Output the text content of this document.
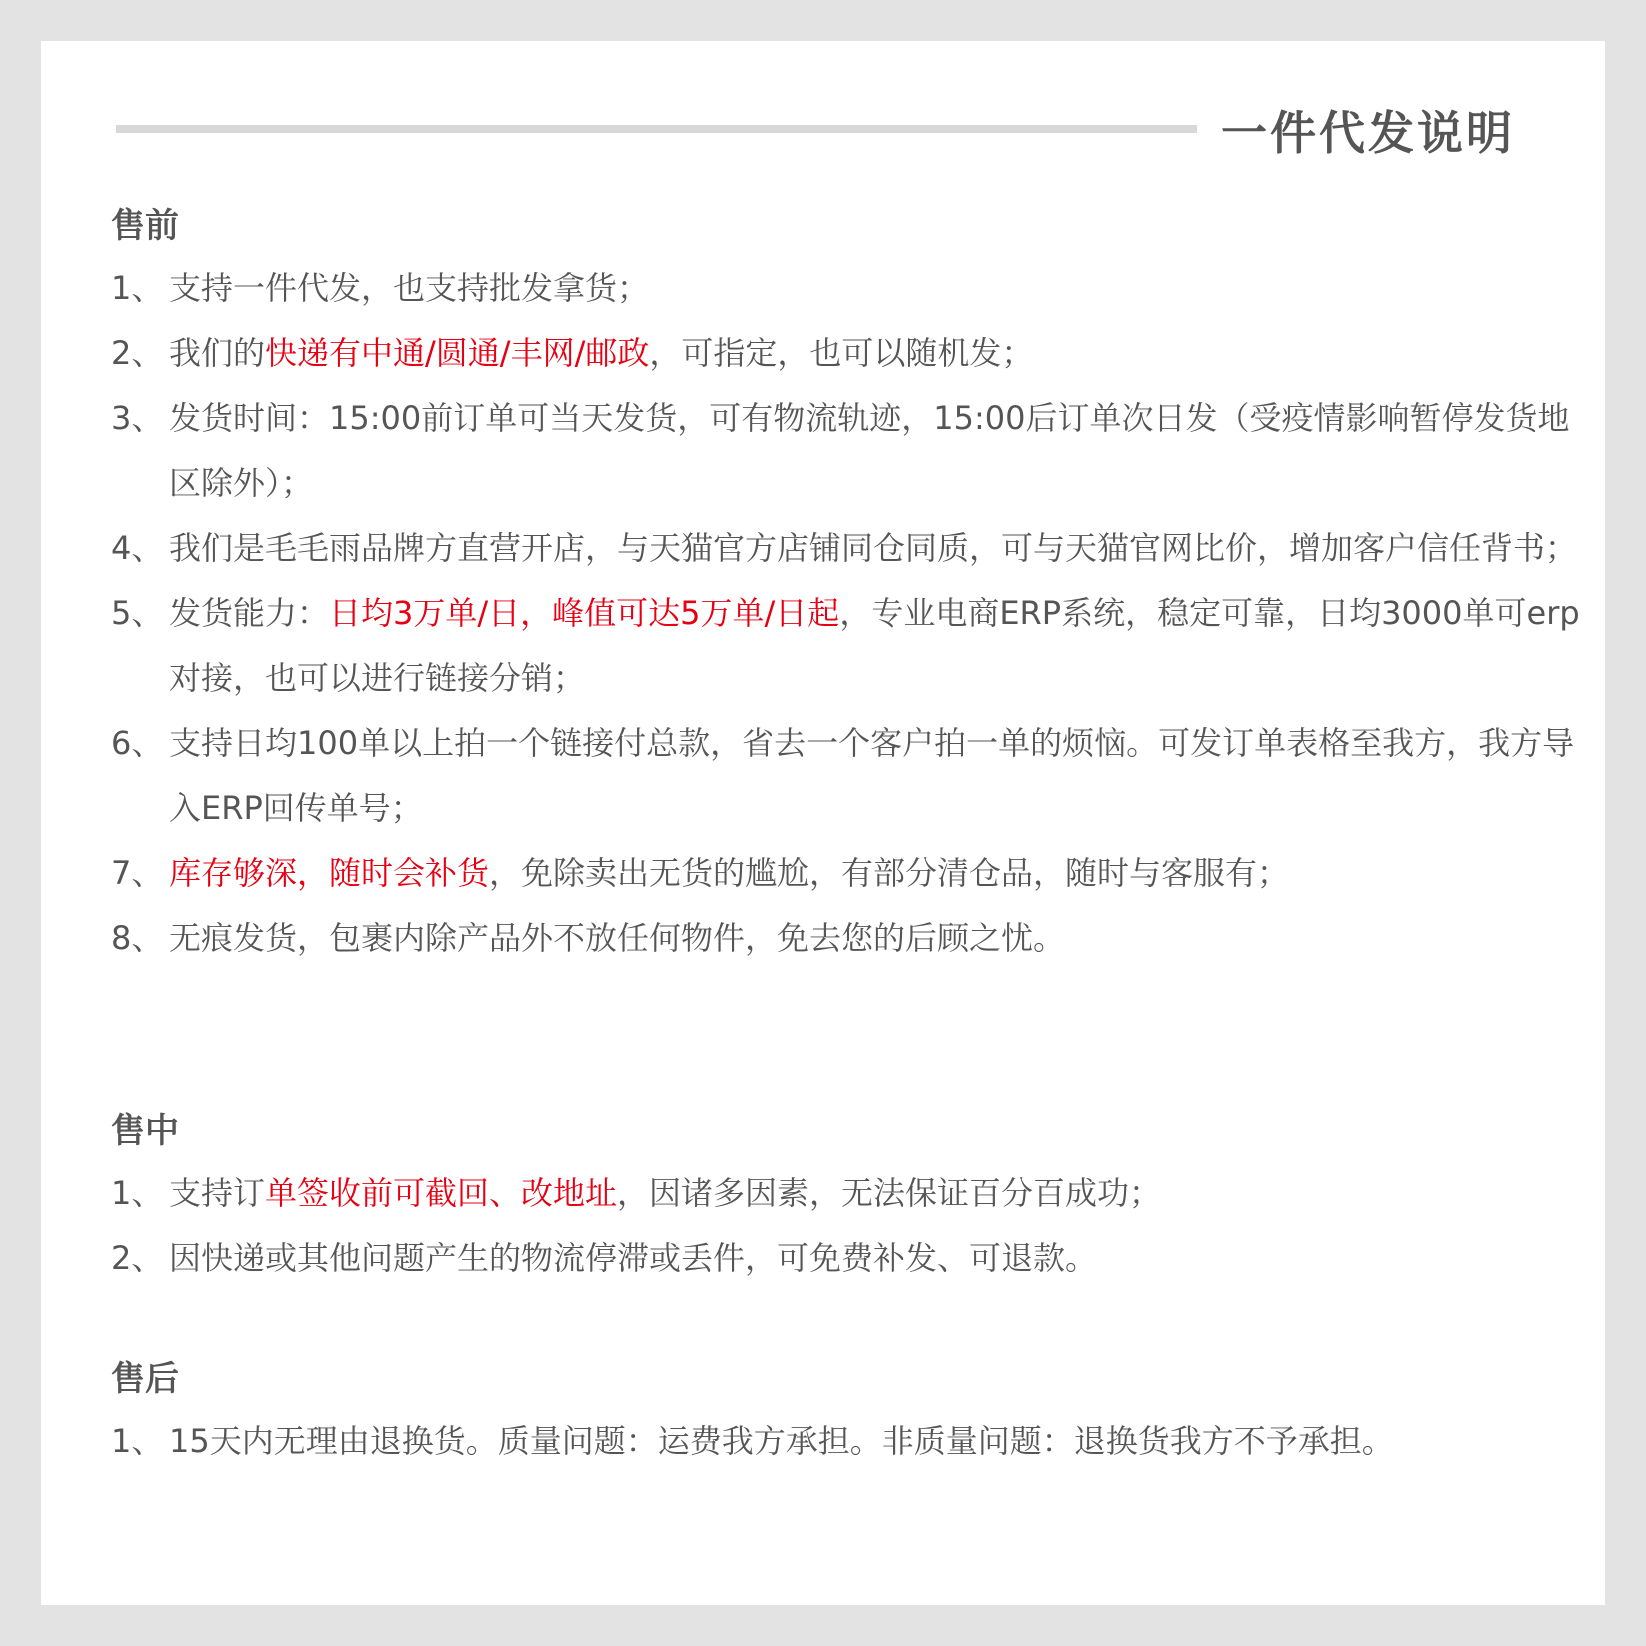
一件代发说明
售前
1、 支持一件代发，也支持批发拿货；
2、 我们的快递有中通/圆通/丰网/邮政，可指定，也可以随机发；
3、 发货时间：15:00前订单可当天发货，可有物流轨迹，15:00后订单次日发（受疫情影响暂停发货地区除外）；
4、 我们是毛毛雨品牌方直营开店，与天猫官方店铺同仓同质，可与天猫官网比价，增加客户信任背书；
5、 发货能力：日均3万单/日，峰值可达5万单/日起，专业电商ERP系统，稳定可靠，日均3000单可erp对接，也可以进行链接分销；
6、 支持日均100单以上拍一个链接付总款，省去一个客户拍一单的烦恼。可发订单表格至我方，我方导入ERP回传单号；
7、 库存够深，随时会补货，免除卖出无货的尴尬，有部分清仓品，随时与客服有；
8、 无痕发货，包裹内除产品外不放任何物件，免去您的后顾之忧。
售中
1、 支持订单签收前可截回、改地址，因诸多因素，无法保证百分百成功；
2、 因快递或其他问题产生的物流停滞或丢件，可免费补发、可退款。
售后
1、 15天内无理由退换货。质量问题：运费我方承担。非质量问题：退换货我方不予承担。
